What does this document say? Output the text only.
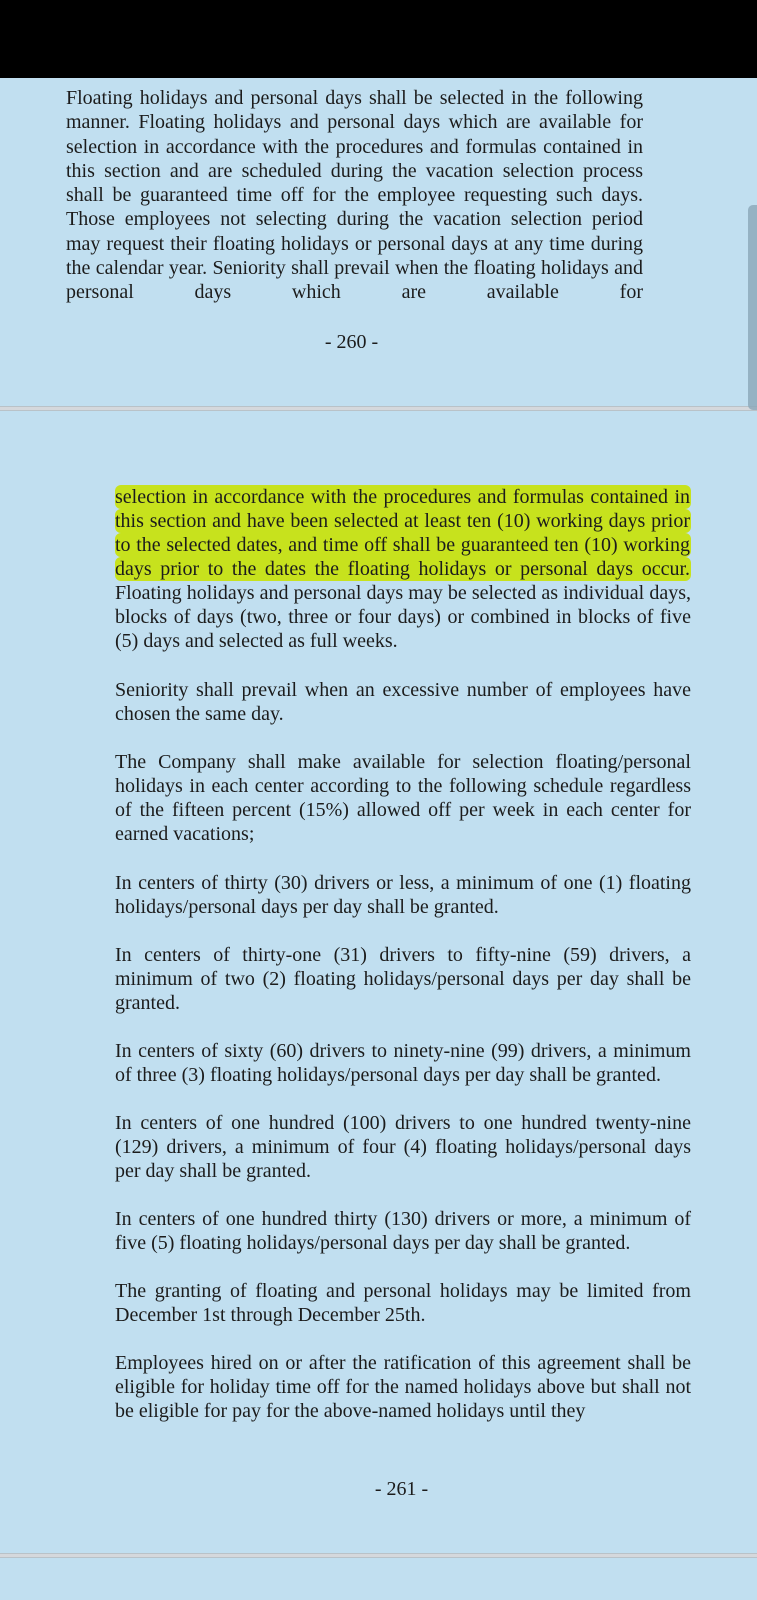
Floating holidays and personal days shall be selected in the following manner. Floating holidays and personal days which are available for selection in accordance with the procedures and formulas contained in this section and are scheduled during the vacation selection process shall be guaranteed time off for the employee requesting such days. Those employees not selecting during the vacation selection period may request their floating holidays or personal days at any time during the calendar year. Seniority shall prevail when the floating holidays and personal days which are available for

- 260 -

selection in accordance with the procedures and formulas contained in this section and have been selected at least ten (10) working days prior to the selected dates, and time off shall be guaranteed ten (10) working days prior to the dates the floating holidays or personal days occur. Floating holidays and personal days may be selected as individual days, blocks of days (two, three or four days) or combined in blocks of five (5) days and selected as full weeks.

Seniority shall prevail when an excessive number of employees have chosen the same day.

The Company shall make available for selection floating/personal holidays in each center according to the following schedule regardless of the fifteen percent (15%) allowed off per week in each center for earned vacations;

In centers of thirty (30) drivers or less, a minimum of one (1) floating holidays/personal days per day shall be granted.

In centers of thirty-one (31) drivers to fifty-nine (59) drivers, a minimum of two (2) floating holidays/personal days per day shall be granted.

In centers of sixty (60) drivers to ninety-nine (99) drivers, a minimum of three (3) floating holidays/personal days per day shall be granted.

In centers of one hundred (100) drivers to one hundred twenty-nine (129) drivers, a minimum of four (4) floating holidays/personal days per day shall be granted.

In centers of one hundred thirty (130) drivers or more, a minimum of five (5) floating holidays/personal days per day shall be granted.

The granting of floating and personal holidays may be limited from December 1st through December 25th.

Employees hired on or after the ratification of this agreement shall be eligible for holiday time off for the named holidays above but shall not be eligible for pay for the above-named holidays until they

- 261 -
